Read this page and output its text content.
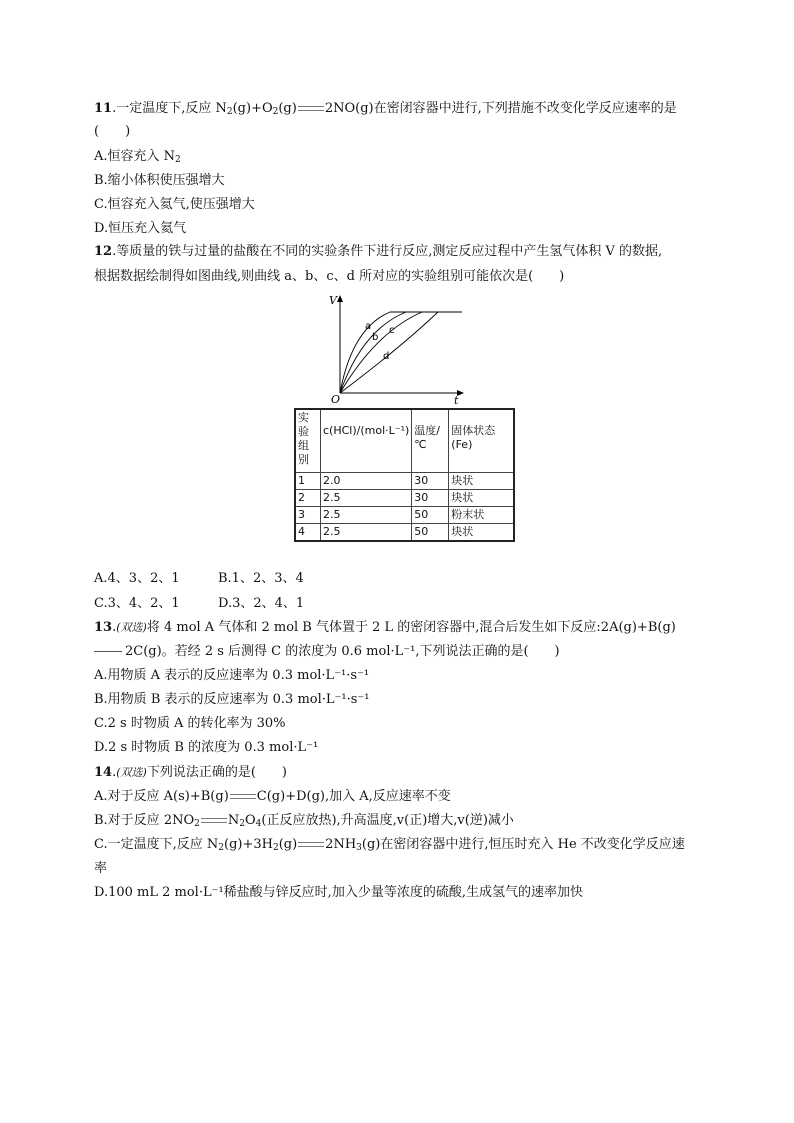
11.一定温度下,反应 $N_2(g)+O_2(g)$ 2NO(g)在密闭容器中进行,下列措施不改变化学反应速率的是
(　　)
A.恒容充入 $N_2$
B.缩小体积使压强增大
C.恒容充入氦气,使压强增大
D.恒压充入氦气
12.等质量的铁与过量的盐酸在不同的实验条件下进行反应,测定反应过程中产生氢气体积 V 的数据,
根据数据绘制得如图曲线,则曲线 a、b、c、d 所对应的实验组别可能依次是(　　)
V
t
O
a
b
c
d
实验组别	c(HCl)/(mol·L⁻¹)	温度/℃	固体状态(Fe)
1	2.0	30	块状
2	2.5	30	块状
3	2.5	50	粉末状
4	2.5	50	块状
A.4、3、2、1	B.1、2、3、4
C.3、4、2、1	D.3、2、4、1
13.(双选)将 4 mol A 气体和 2 mol B 气体置于 2 L 的密闭容器中,混合后发生如下反应:2A(g)+B(g)
2C(g)。若经 2 s 后测得 C 的浓度为 0.6 mol·L⁻¹,下列说法正确的是(　　)
A.用物质 A 表示的反应速率为 0.3 mol·L⁻¹·s⁻¹
B.用物质 B 表示的反应速率为 0.3 mol·L⁻¹·s⁻¹
C.2 s 时物质 A 的转化率为 30%
D.2 s 时物质 B 的浓度为 0.3 mol·L⁻¹
14.(双选)下列说法正确的是(　　)
A.对于反应 A(s)+B(g) C(g)+D(g),加入 A,反应速率不变
B.对于反应 $2NO_2$ $N_2O_4$(正反应放热),升高温度,v(正)增大,v(逆)减小
C.一定温度下,反应 $N_2(g)+3H_2(g)$ $2NH_3(g)$在密闭容器中进行,恒压时充入 He 不改变化学反应速
率
D.100 mL 2 mol·L⁻¹稀盐酸与锌反应时,加入少量等浓度的硫酸,生成氢气的速率加快
